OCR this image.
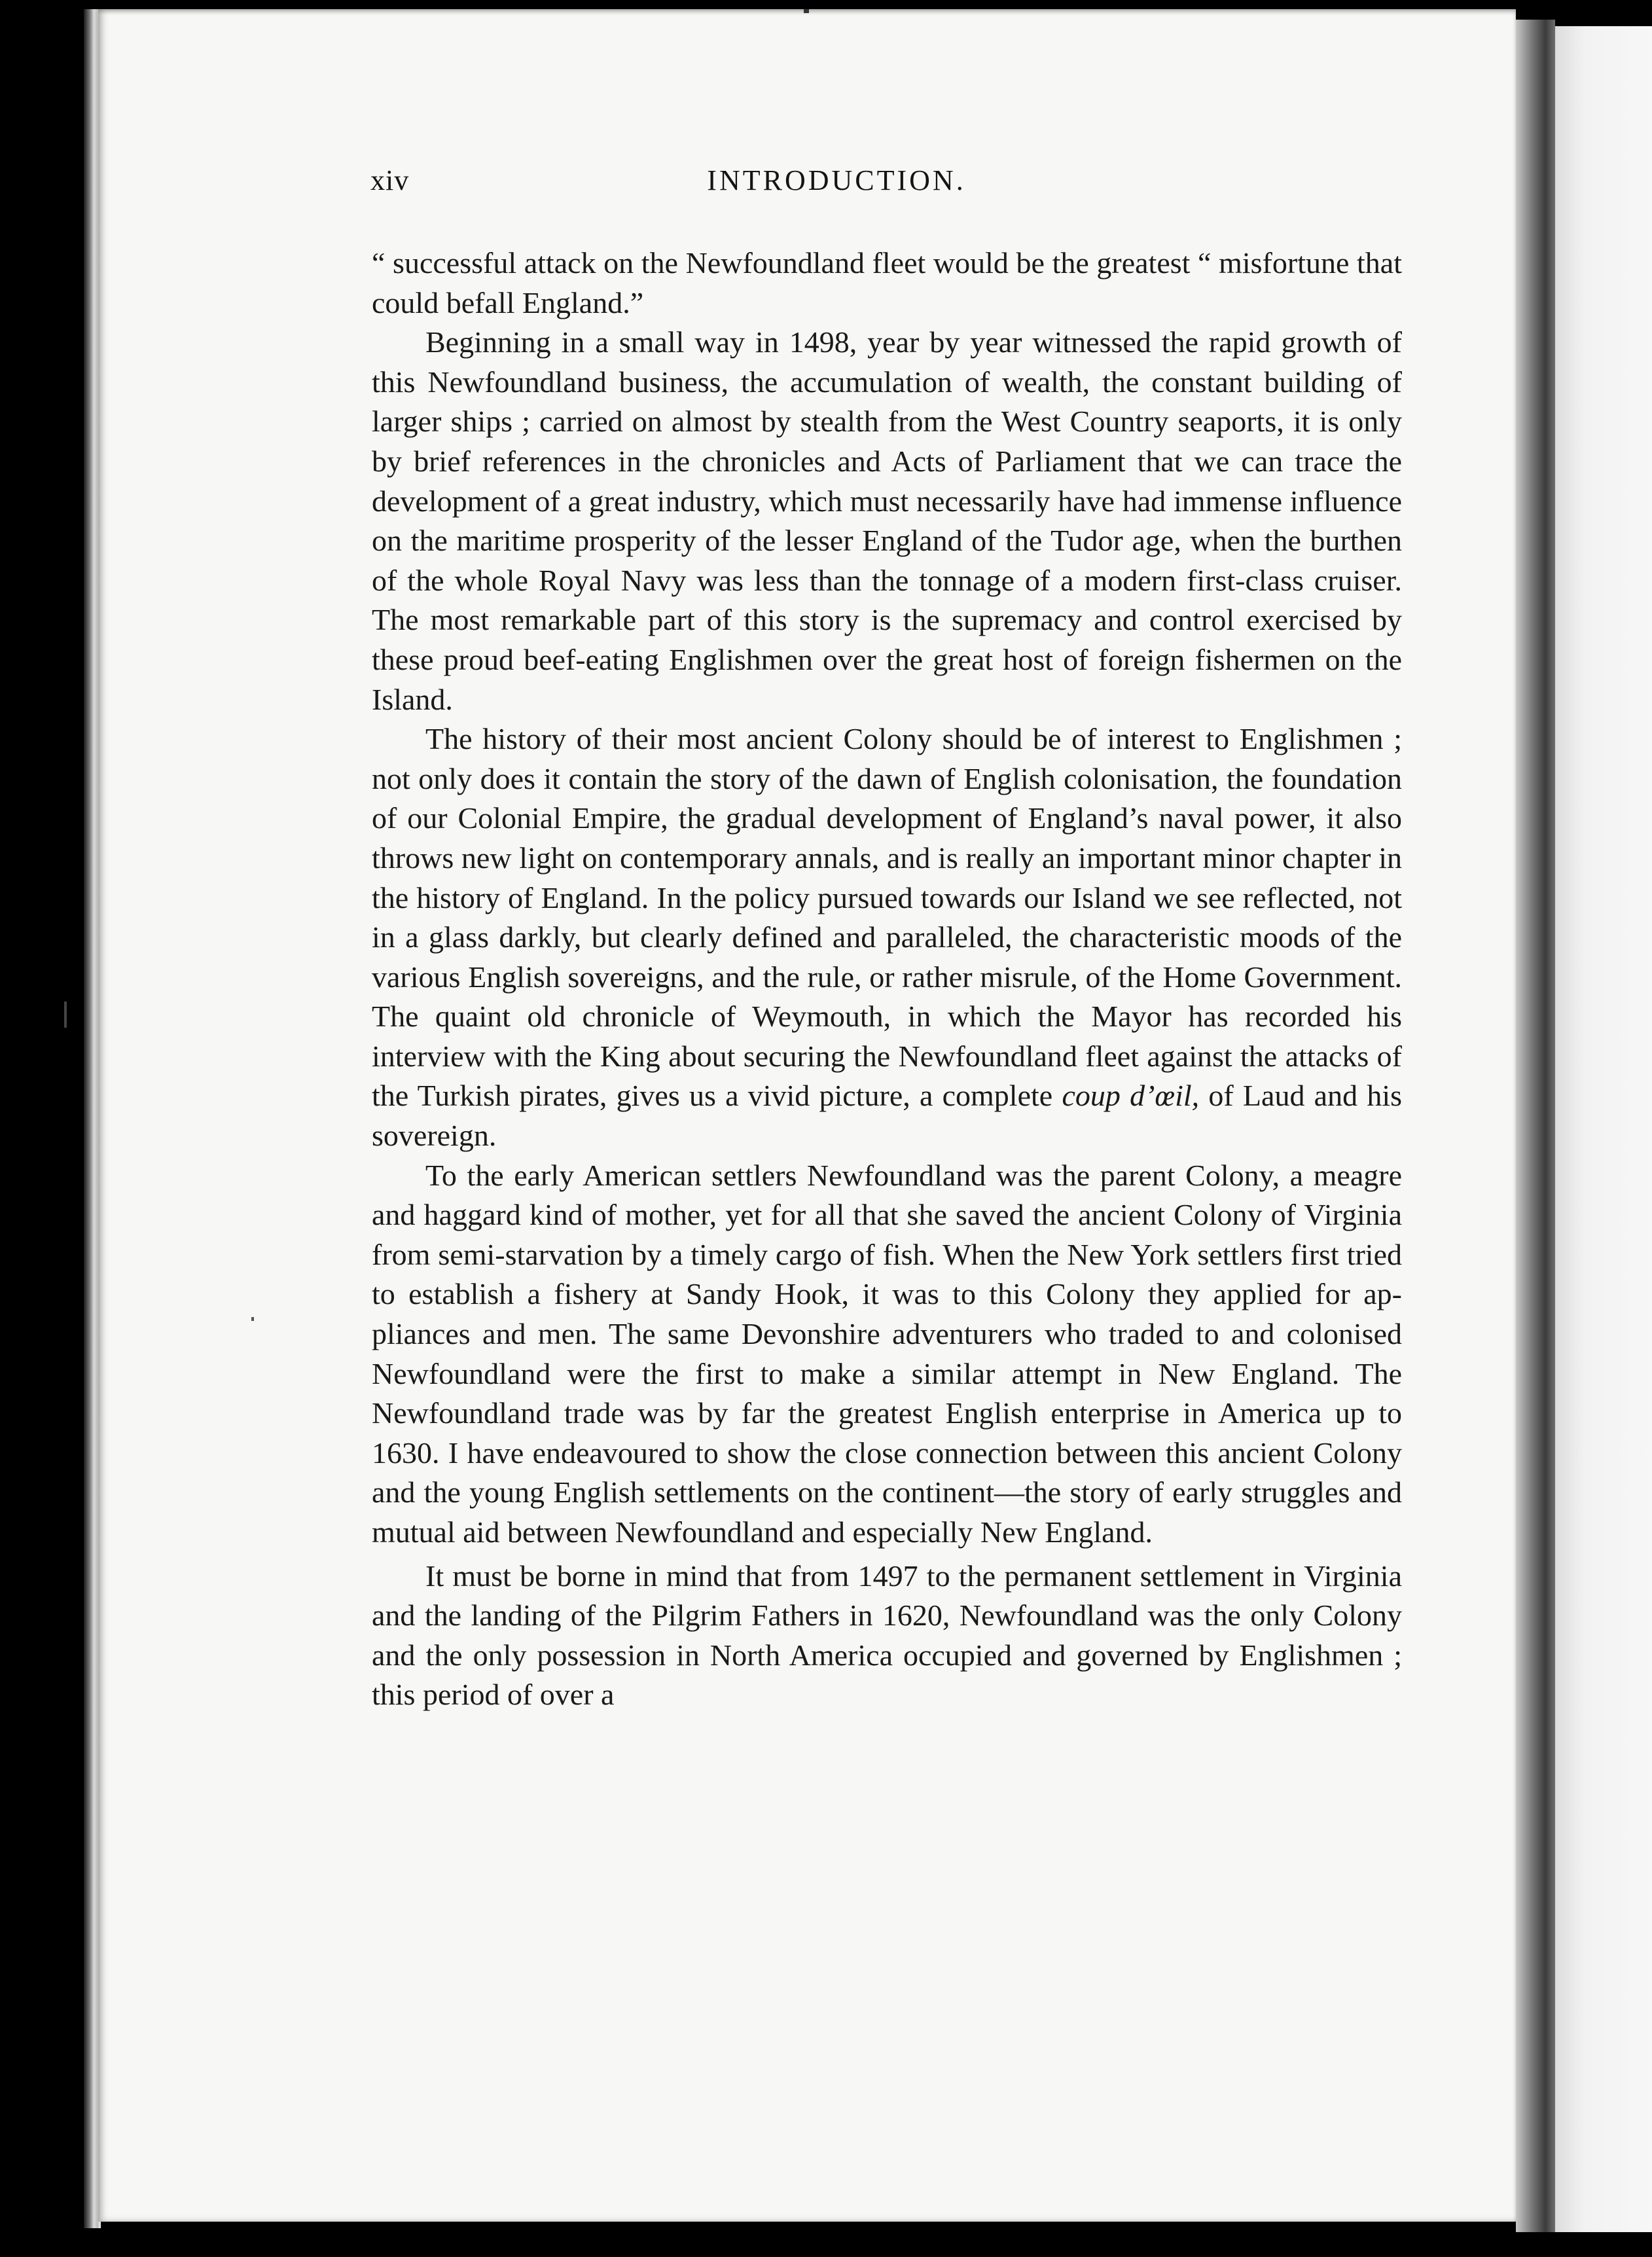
xiv	INTRODUCTION.

“ successful attack on the Newfoundland fleet would be the greatest “ misfortune that could befall England.”

Beginning in a small way in 1498, year by year witnessed the rapid growth of this Newfoundland business, the accumulation of wealth, the constant building of larger ships ; carried on almost by stealth from the West Country seaports, it is only by brief references in the chronicles and Acts of Parliament that we can trace the development of a great industry, which must necessarily have had immense influence on the maritime prosperity of the lesser England of the Tudor age, when the burthen of the whole Royal Navy was less than the tonnage of a modern first-class cruiser. The most remarkable part of this story is the supremacy and control exercised by these proud beef-eating Englishmen over the great host of foreign fishermen on the Island.

The history of their most ancient Colony should be of interest to Englishmen ; not only does it contain the story of the dawn of English colonisation, the foundation of our Colonial Empire, the gradual development of England’s naval power, it also throws new light on contemporary annals, and is really an important minor chapter in the history of England. In the policy pursued towards our Island we see reflected, not in a glass darkly, but clearly defined and paralleled, the characteristic moods of the various English sovereigns, and the rule, or rather misrule, of the Home Government. The quaint old chronicle of Weymouth, in which the Mayor has recorded his interview with the King about securing the Newfoundland fleet against the attacks of the Turkish pirates, gives us a vivid picture, a complete coup d’œil, of Laud and his sovereign.

To the early American settlers Newfoundland was the parent Colony, a meagre and haggard kind of mother, yet for all that she saved the ancient Colony of Virginia from semi-starvation by a timely cargo of fish. When the New York settlers first tried to establish a fishery at Sandy Hook, it was to this Colony they applied for appliances and men. The same Devonshire adventurers who traded to and colonised Newfoundland were the first to make a similar attempt in New England. The Newfoundland trade was by far the greatest English enterprise in America up to 1630. I have endeavoured to show the close connection between this ancient Colony and the young English settlements on the continent—the story of early struggles and mutual aid between Newfoundland and especially New England.

It must be borne in mind that from 1497 to the permanent settlement in Virginia and the landing of the Pilgrim Fathers in 1620, Newfoundland was the only Colony and the only possession in North America occupied and governed by Englishmen ; this period of over a
